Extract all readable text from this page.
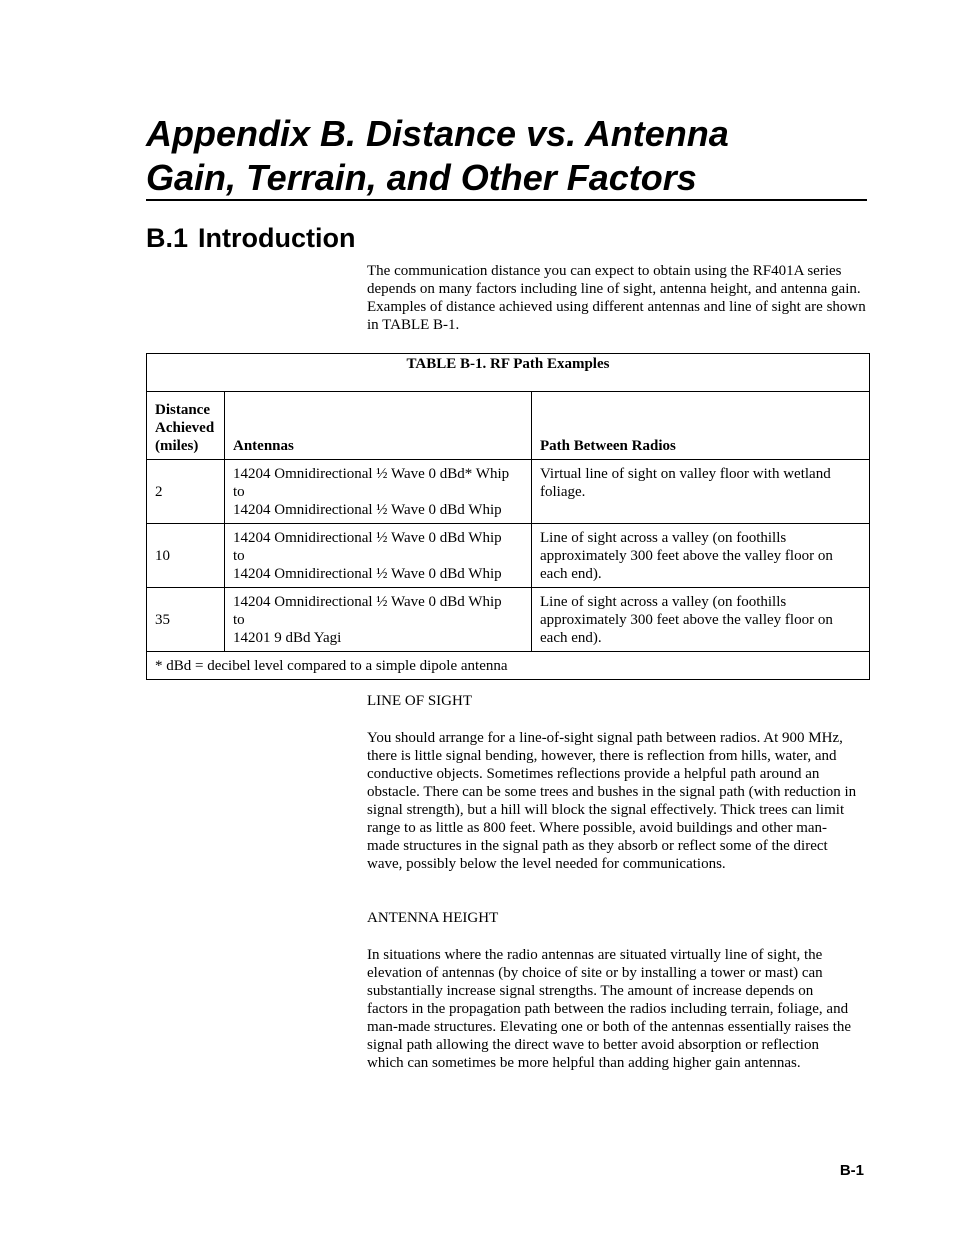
Appendix B. Distance vs. Antenna
Gain, Terrain, and Other Factors
B.1 Introduction

The communication distance you can expect to obtain using the RF401A series depends on many factors including line of sight, antenna height, and antenna gain. Examples of distance achieved using different antennas and line of sight are shown in TABLE B-1.

TABLE B-1. RF Path Examples		
Distance Achieved (miles)	Antennas	Path Between Radios
2	14204 Omnidirectional ½ Wave 0 dBd* Whip
to
14204 Omnidirectional ½ Wave 0 dBd Whip	Virtual line of sight on valley floor with wetland foliage.
10	14204 Omnidirectional ½ Wave 0 dBd Whip
to
14204 Omnidirectional ½ Wave 0 dBd Whip	Line of sight across a valley (on foothills approximately 300 feet above the valley floor on each end).
35	14204 Omnidirectional ½ Wave 0 dBd Whip
to
14201 9 dBd Yagi	Line of sight across a valley (on foothills approximately 300 feet above the valley floor on each end).
* dBd = decibel level compared to a simple dipole antenna		

LINE OF SIGHT

You should arrange for a line-of-sight signal path between radios. At 900 MHz, there is little signal bending, however, there is reflection from hills, water, and conductive objects. Sometimes reflections provide a helpful path around an obstacle. There can be some trees and bushes in the signal path (with reduction in signal strength), but a hill will block the signal effectively. Thick trees can limit range to as little as 800 feet. Where possible, avoid buildings and other man-made structures in the signal path as they absorb or reflect some of the direct wave, possibly below the level needed for communications.

ANTENNA HEIGHT

In situations where the radio antennas are situated virtually line of sight, the elevation of antennas (by choice of site or by installing a tower or mast) can substantially increase signal strengths. The amount of increase depends on factors in the propagation path between the radios including terrain, foliage, and man-made structures. Elevating one or both of the antennas essentially raises the signal path allowing the direct wave to better avoid absorption or reflection which can sometimes be more helpful than adding higher gain antennas.

B-1
